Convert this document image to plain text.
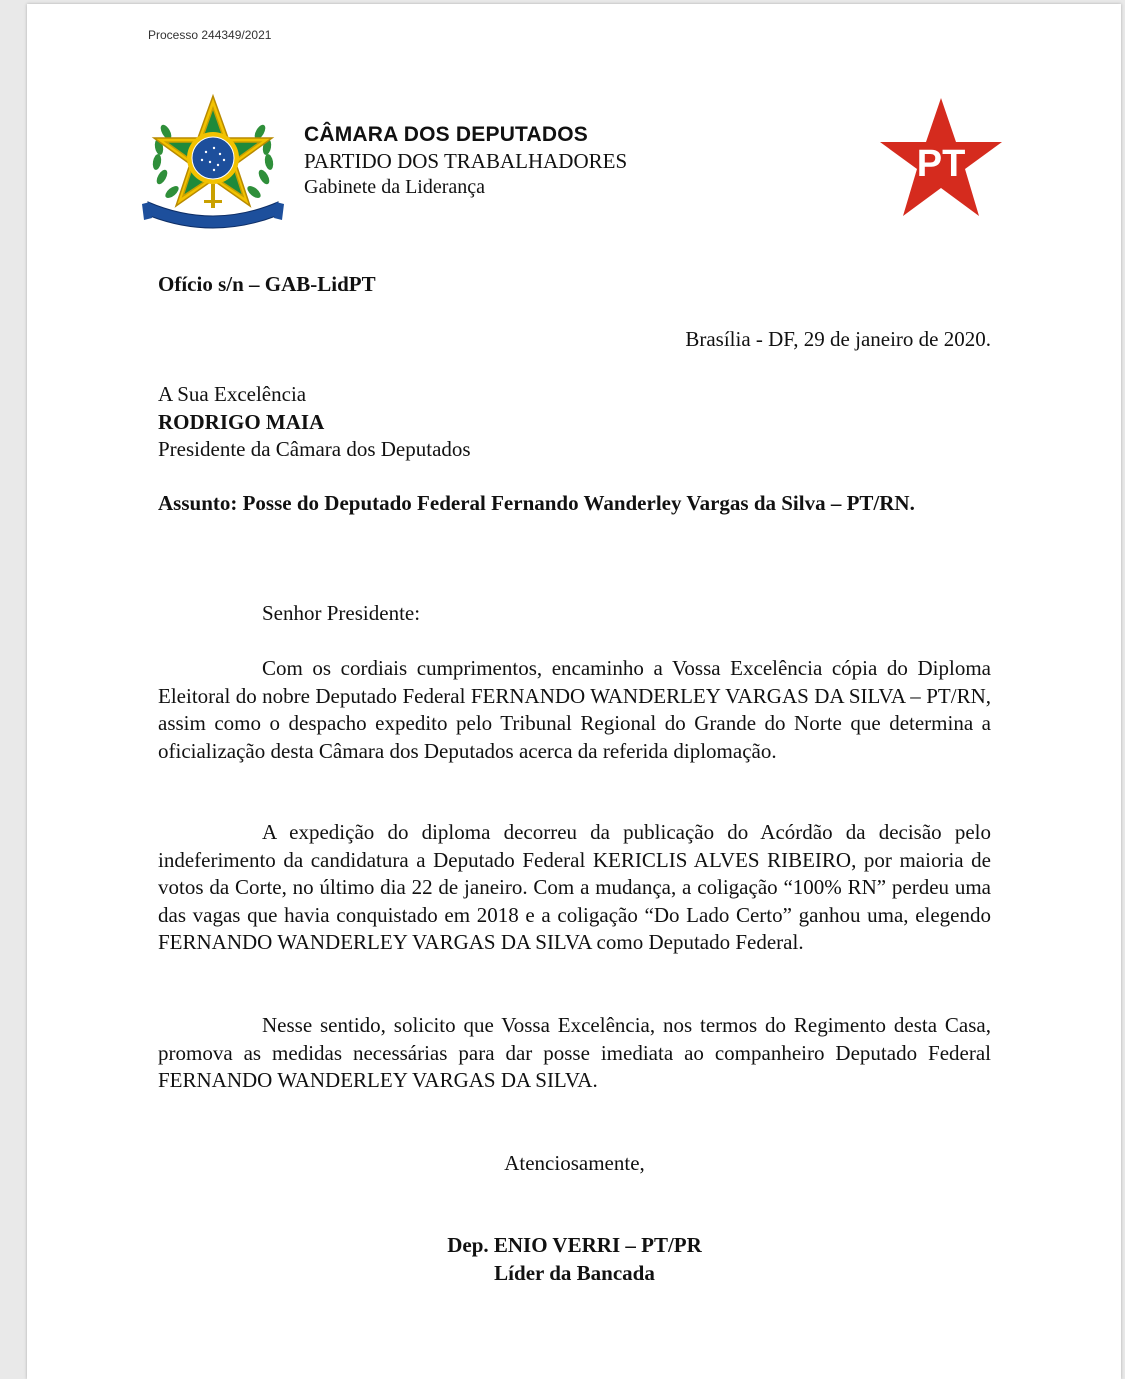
Processo 244349/2021
CÂMARA DOS DEPUTADOS
PARTIDO DOS TRABALHADORES
Gabinete da Liderança
PT
Ofício s/n – GAB-LidPT
Brasília - DF, 29 de janeiro de 2020.
A Sua Excelência
RODRIGO MAIA
Presidente da Câmara dos Deputados
Assunto: Posse do Deputado Federal Fernando Wanderley Vargas da Silva – PT/RN.
Senhor Presidente:
Com os cordiais cumprimentos, encaminho a Vossa Excelência cópia do Diploma Eleitoral do nobre Deputado Federal FERNANDO WANDERLEY VARGAS DA SILVA – PT/RN, assim como o despacho expedito pelo Tribunal Regional do Grande do Norte que determina a oficialização desta Câmara dos Deputados acerca da referida diplomação.
A expedição do diploma decorreu da publicação do Acórdão da decisão pelo indeferimento da candidatura a Deputado Federal KERICLIS ALVES RIBEIRO, por maioria de votos da Corte, no último dia 22 de janeiro. Com a mudança, a coligação “100% RN” perdeu uma das vagas que havia conquistado em 2018 e a coligação “Do Lado Certo” ganhou uma, elegendo FERNANDO WANDERLEY VARGAS DA SILVA como Deputado Federal.
Nesse sentido, solicito que Vossa Excelência, nos termos do Regimento desta Casa, promova as medidas necessárias para dar posse imediata ao companheiro Deputado Federal FERNANDO WANDERLEY VARGAS DA SILVA.
Atenciosamente,
Dep. ENIO VERRI – PT/PR
Líder da Bancada
